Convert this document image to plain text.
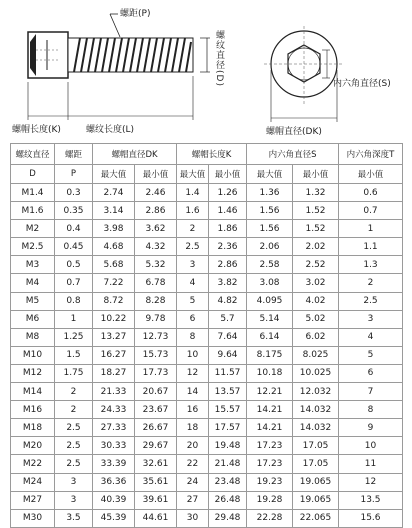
螺距(P)
螺纹直径(D)
螺帽长度(K)	螺纹长度(L)	螺帽直径(DK)
内六角直径(S)
螺纹直径	螺距	螺帽直径DK		螺帽长度K		内六角直径S		内六角深度T
D	P	最大值	最小值	最大值	最小值	最大值	最小值	最小值
M1.4	0.3	2.74	2.46	1.4	1.26	1.36	1.32	0.6
M1.6	0.35	3.14	2.86	1.6	1.46	1.56	1.52	0.7
M2	0.4	3.98	3.62	2	1.86	1.56	1.52	1
M2.5	0.45	4.68	4.32	2.5	2.36	2.06	2.02	1.1
M3	0.5	5.68	5.32	3	2.86	2.58	2.52	1.3
M4	0.7	7.22	6.78	4	3.82	3.08	3.02	2
M5	0.8	8.72	8.28	5	4.82	4.095	4.02	2.5
M6	1	10.22	9.78	6	5.7	5.14	5.02	3
M8	1.25	13.27	12.73	8	7.64	6.14	6.02	4
M10	1.5	16.27	15.73	10	9.64	8.175	8.025	5
M12	1.75	18.27	17.73	12	11.57	10.18	10.025	6
M14	2	21.33	20.67	14	13.57	12.21	12.032	7
M16	2	24.33	23.67	16	15.57	14.21	14.032	8
M18	2.5	27.33	26.67	18	17.57	14.21	14.032	9
M20	2.5	30.33	29.67	20	19.48	17.23	17.05	10
M22	2.5	33.39	32.61	22	21.48	17.23	17.05	11
M24	3	36.36	35.61	24	23.48	19.23	19.065	12
M27	3	40.39	39.61	27	26.48	19.28	19.065	13.5
M30	3.5	45.39	44.61	30	29.48	22.28	22.065	15.6
